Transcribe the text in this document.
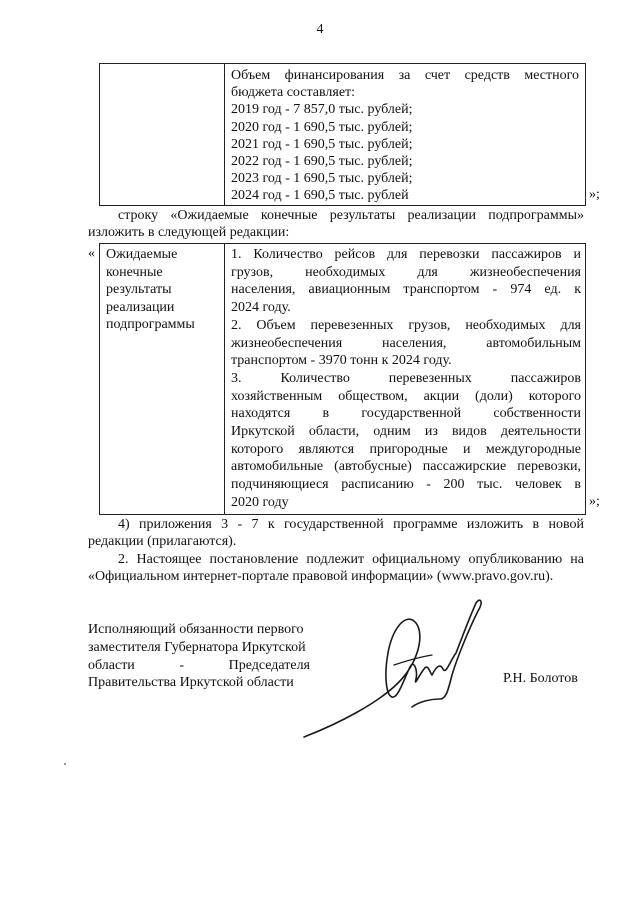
4
Объем финансирования за счет средств местного
бюджета составляет:
2019 год - 7 857,0 тыс. рублей;
2020 год - 1 690,5 тыс. рублей;
2021 год - 1 690,5 тыс. рублей;
2022 год - 1 690,5 тыс. рублей;
2023 год - 1 690,5 тыс. рублей;
2024 год - 1 690,5 тыс. рублей	»;
строку «Ожидаемые конечные результаты реализации подпрограммы»
изложить в следующей редакции:
« Ожидаемые
конечные
результаты
реализации
подпрограммы
1. Количество рейсов для перевозки пассажиров и
грузов, необходимых для жизнеобеспечения
населения, авиационным транспортом - 974 ед. к
2024 году.
2. Объем перевезенных грузов, необходимых для
жизнеобеспечения населения, автомобильным
транспортом - 3970 тонн к 2024 году.
3. Количество перевезенных пассажиров
хозяйственным обществом, акции (доли) которого
находятся в государственной собственности
Иркутской области, одним из видов деятельности
которого являются пригородные и междугородные
автомобильные (автобусные) пассажирские перевозки,
подчиняющиеся расписанию - 200 тыс. человек в
2020 году	»;
4) приложения 3 - 7 к государственной программе изложить в новой
редакции (прилагаются).
2. Настоящее постановление подлежит официальному опубликованию на
«Официальном интернет-портале правовой информации» (www.pravo.gov.ru).
Исполняющий обязанности первого
заместителя Губернатора Иркутской
области - Председателя
Правительства Иркутской области	Р.Н. Болотов
